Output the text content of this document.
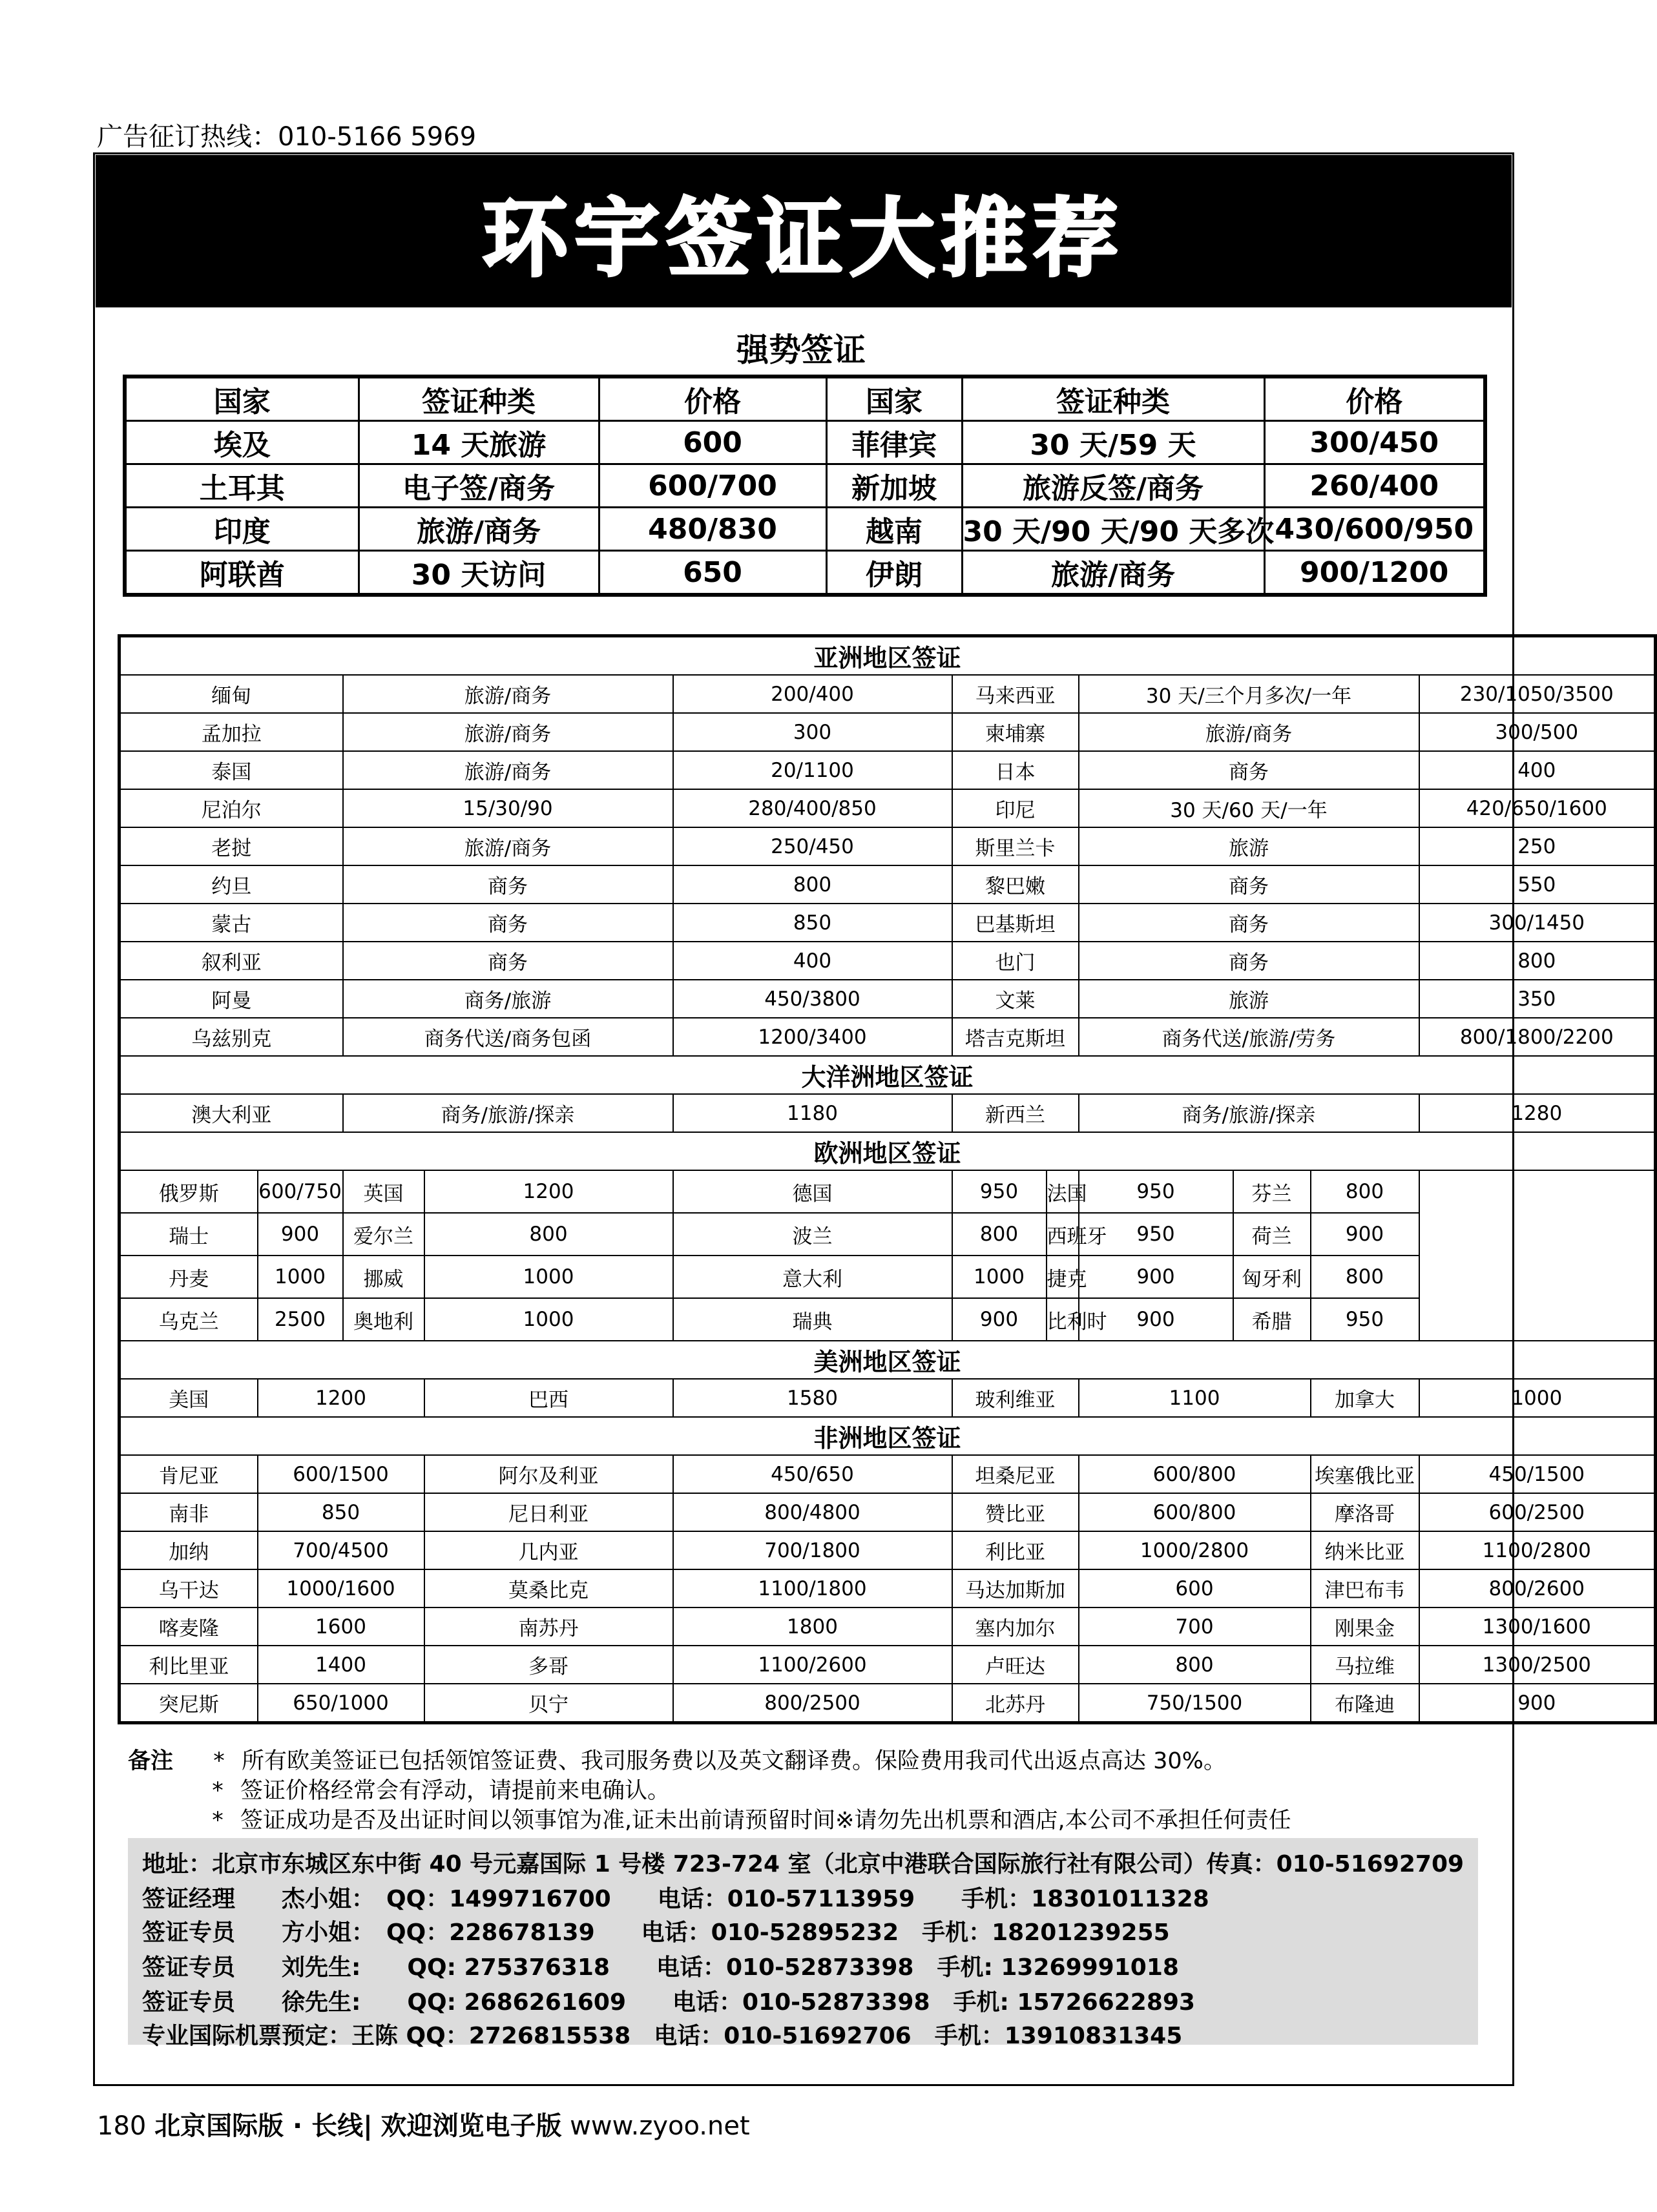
广告征订热线：010-5166 5969
环宇签证大推荐
强势签证
国家	签证种类	价格	国家	签证种类	价格
埃及	14 天旅游	600	菲律宾	30 天/59 天	300/450
土耳其	电子签/商务	600/700	新加坡	旅游反签/商务	260/400
印度	旅游/商务	480/830	越南	30 天/90 天/90 天多次	430/600/950
阿联酋	30 天访问	650	伊朗	旅游/商务	900/1200
亚洲地区签证										
缅甸		旅游/商务		200/400	马来西亚		30 天/三个月多次/一年			230/1050/3500
孟加拉		旅游/商务		300	柬埔寨		旅游/商务			300/500
泰国		旅游/商务		20/1100	日本		商务			400
尼泊尔		15/30/90		280/400/850	印尼		30 天/60 天/一年			420/650/1600
老挝		旅游/商务		250/450	斯里兰卡		旅游			250
约旦		商务		800	黎巴嫩		商务			550
蒙古		商务		850	巴基斯坦		商务			300/1450
叙利亚		商务		400	也门		商务			800
阿曼		商务/旅游		450/3800	文莱		旅游			350
乌兹别克		商务代送/商务包函		1200/3400	塔吉克斯坦		商务代送/旅游/劳务			800/1800/2200
大洋洲地区签证										
澳大利亚		商务/旅游/探亲		1180	新西兰		商务/旅游/探亲			1280
欧洲地区签证										
俄罗斯	600/750	英国	1200	德国	950	法国	950	芬兰	800	
瑞士	900	爱尔兰	800	波兰	800	西班牙	950	荷兰	900	
丹麦	1000	挪威	1000	意大利	1000	捷克	900	匈牙利	800	
乌克兰	2500	奥地利	1000	瑞典	900	比利时	900	希腊	950	
美洲地区签证										
美国	1200		巴西	1580	玻利维亚		1100		加拿大	1000
非洲地区签证										
肯尼亚	600/1500		阿尔及利亚	450/650	坦桑尼亚		600/800		埃塞俄比亚	450/1500
南非	850		尼日利亚	800/4800	赞比亚		600/800		摩洛哥	600/2500
加纳	700/4500		几内亚	700/1800	利比亚		1000/2800		纳米比亚	1100/2800
乌干达	1000/1600		莫桑比克	1100/1800	马达加斯加		600		津巴布韦	800/2600
喀麦隆	1600		南苏丹	1800	塞内加尔		700		刚果金	1300/1600
利比里亚	1400		多哥	1100/2600	卢旺达		800		马拉维	1300/2500
突尼斯	650/1000		贝宁	800/2500	北苏丹		750/1500		布隆迪	900
备注 * 所有欧美签证已包括领馆签证费、我司服务费以及英文翻译费。保险费用我司代出返点高达 30%。
* 签证价格经常会有浮动，请提前来电确认。
* 签证成功是否及出证时间以领事馆为准,证未出前请预留时间※请勿先出机票和酒店,本公司不承担任何责任
地址：北京市东城区东中街 40 号元嘉国际 1 号楼 723-724 室（北京中港联合国际旅行社有限公司）传真：010-51692709
签证经理　　杰小姐：　QQ：1499716700　　电话：010-57113959　　手机：18301011328
签证专员　　方小姐：　QQ：228678139　　电话：010-52895232　手机：18201239255
签证专员　　刘先生:　　QQ: 275376318　　电话：010-52873398　手机: 13269991018
签证专员　　徐先生:　　QQ: 2686261609　　电话：010-52873398　手机: 15726622893
专业国际机票预定：王陈 QQ：2726815538　电话：010-51692706　手机：13910831345
180 北京国际版 · 长线| 欢迎浏览电子版 www.zyoo.net
